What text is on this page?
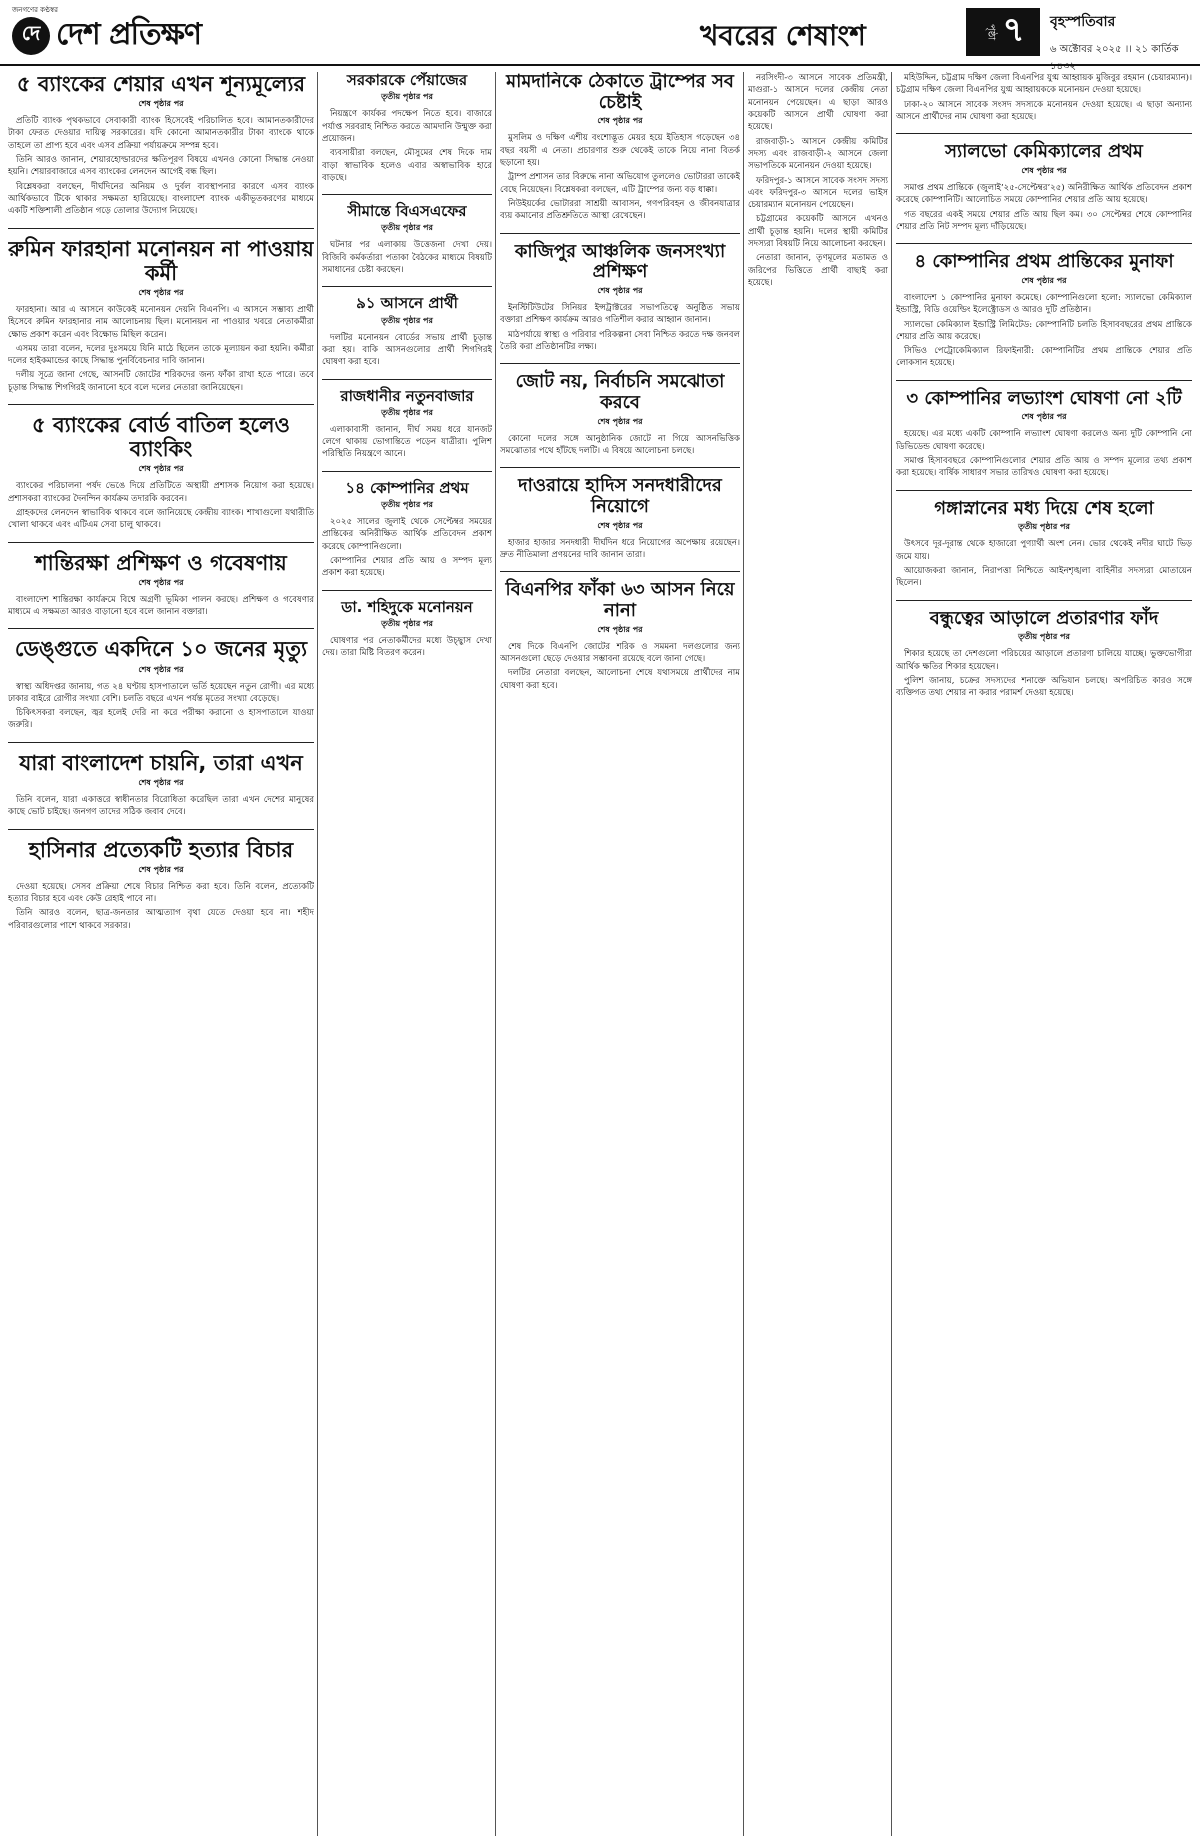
জনগণের কণ্ঠস্বর
দে দেশ প্রতিক্ষণ	খবরের শেষাংশ	পৃষ্ঠা ৭ বৃহস্পতিবার
৬ অক্টোবর ২০২৫ ।। ২১ কার্তিক ১৪৩২
৫ ব্যাংকের শেয়ার এখন শূন্যমূল্যের
শেষ পৃষ্ঠার পর

প্রতিটি ব্যাংক পৃথকভাবে সেবাকারী ব্যাংক হিসেবেই পরিচালিত হবে। আমানতকারীদের টাকা ফেরত দেওয়ার দায়িত্ব সরকারের। যদি কোনো আমানতকারীর টাকা ব্যাংকে থাকে তাহলে তা প্রাপ্য হবে এবং এসব প্রক্রিয়া পর্যায়ক্রমে সম্পন্ন হবে।

তিনি আরও জানান, শেয়ারহোল্ডারদের ক্ষতিপূরণ বিষয়ে এখনও কোনো সিদ্ধান্ত নেওয়া হয়নি। শেয়ারবাজারে এসব ব্যাংকের লেনদেন আগেই বন্ধ ছিল।

বিশ্লেষকরা বলছেন, দীর্ঘদিনের অনিয়ম ও দুর্বল ব্যবস্থাপনার কারণে এসব ব্যাংক আর্থিকভাবে টিকে থাকার সক্ষমতা হারিয়েছে। বাংলাদেশ ব্যাংক একীভূতকরণের মাধ্যমে একটি শক্তিশালী প্রতিষ্ঠান গড়ে তোলার উদ্যোগ নিয়েছে।

রুমিন ফারহানা মনোনয়ন না পাওয়ায় কর্মী
শেষ পৃষ্ঠার পর

ফারহানা। আর এ আসনে কাউকেই মনোনয়ন দেয়নি বিএনপি। এ আসনে সম্ভাব্য প্রার্থী হিসেবে রুমিন ফারহানার নাম আলোচনায় ছিল। মনোনয়ন না পাওয়ার খবরে নেতাকর্মীরা ক্ষোভ প্রকাশ করেন এবং বিক্ষোভ মিছিল করেন।

এসময় তারা বলেন, দলের দুঃসময়ে যিনি মাঠে ছিলেন তাকে মূল্যায়ন করা হয়নি। কর্মীরা দলের হাইকমান্ডের কাছে সিদ্ধান্ত পুনর্বিবেচনার দাবি জানান।

দলীয় সূত্রে জানা গেছে, আসনটি জোটের শরিকদের জন্য ফাঁকা রাখা হতে পারে। তবে চূড়ান্ত সিদ্ধান্ত শিগগিরই জানানো হবে বলে দলের নেতারা জানিয়েছেন।

৫ ব্যাংকের বোর্ড বাতিল হলেও ব্যাংকিং
শেষ পৃষ্ঠার পর

ব্যাংকের পরিচালনা পর্ষদ ভেঙে দিয়ে প্রতিটিতে অস্থায়ী প্রশাসক নিয়োগ করা হয়েছে। প্রশাসকরা ব্যাংকের দৈনন্দিন কার্যক্রম তদারকি করবেন।

গ্রাহকদের লেনদেন স্বাভাবিক থাকবে বলে জানিয়েছে কেন্দ্রীয় ব্যাংক। শাখাগুলো যথারীতি খোলা থাকবে এবং এটিএম সেবা চালু থাকবে।

শান্তিরক্ষা প্রশিক্ষণ ও গবেষণায়
শেষ পৃষ্ঠার পর

বাংলাদেশ শান্তিরক্ষা কার্যক্রমে বিশ্বে অগ্রণী ভূমিকা পালন করছে। প্রশিক্ষণ ও গবেষণার মাধ্যমে এ সক্ষমতা আরও বাড়ানো হবে বলে জানান বক্তারা।

ডেঙ্গুতে একদিনে ১০ জনের মৃত্যু
শেষ পৃষ্ঠার পর

স্বাস্থ্য অধিদপ্তর জানায়, গত ২৪ ঘণ্টায় হাসপাতালে ভর্তি হয়েছেন নতুন রোগী। এর মধ্যে ঢাকার বাইরে রোগীর সংখ্যা বেশি। চলতি বছরে এখন পর্যন্ত মৃতের সংখ্যা বেড়েছে।

চিকিৎসকরা বলছেন, জ্বর হলেই দেরি না করে পরীক্ষা করানো ও হাসপাতালে যাওয়া জরুরি।

যারা বাংলাদেশ চায়নি, তারা এখন
শেষ পৃষ্ঠার পর

তিনি বলেন, যারা একাত্তরে স্বাধীনতার বিরোধিতা করেছিল তারা এখন দেশের মানুষের কাছে ভোট চাইছে। জনগণ তাদের সঠিক জবাব দেবে।

হাসিনার প্রত্যেকটি হত্যার বিচার
শেষ পৃষ্ঠার পর

দেওয়া হয়েছে। সেসব প্রক্রিয়া শেষে বিচার নিশ্চিত করা হবে। তিনি বলেন, প্রত্যেকটি হত্যার বিচার হবে এবং কেউ রেহাই পাবে না।

তিনি আরও বলেন, ছাত্র-জনতার আত্মত্যাগ বৃথা যেতে দেওয়া হবে না। শহীদ পরিবারগুলোর পাশে থাকবে সরকার।

সরকারকে পেঁয়াজের
তৃতীয় পৃষ্ঠার পর

নিয়ন্ত্রণে কার্যকর পদক্ষেপ নিতে হবে। বাজারে পর্যাপ্ত সরবরাহ নিশ্চিত করতে আমদানি উন্মুক্ত করা প্রয়োজন।

ব্যবসায়ীরা বলছেন, মৌসুমের শেষ দিকে দাম বাড়া স্বাভাবিক হলেও এবার অস্বাভাবিক হারে বাড়ছে।

সীমান্তে বিএসএফের
তৃতীয় পৃষ্ঠার পর

ঘটনার পর এলাকায় উত্তেজনা দেখা দেয়। বিজিবি কর্মকর্তারা পতাকা বৈঠকের মাধ্যমে বিষয়টি সমাধানের চেষ্টা করছেন।

৯১ আসনে প্রার্থী
তৃতীয় পৃষ্ঠার পর

দলটির মনোনয়ন বোর্ডের সভায় প্রার্থী চূড়ান্ত করা হয়। বাকি আসনগুলোর প্রার্থী শিগগিরই ঘোষণা করা হবে।

রাজধানীর নতুনবাজার
তৃতীয় পৃষ্ঠার পর

এলাকাবাসী জানান, দীর্ঘ সময় ধরে যানজট লেগে থাকায় ভোগান্তিতে পড়েন যাত্রীরা। পুলিশ পরিস্থিতি নিয়ন্ত্রণে আনে।

১৪ কোম্পানির প্রথম
তৃতীয় পৃষ্ঠার পর

২০২৫ সালের জুলাই থেকে সেপ্টেম্বর সময়ের প্রান্তিকের অনিরীক্ষিত আর্থিক প্রতিবেদন প্রকাশ করেছে কোম্পানিগুলো।

কোম্পানির শেয়ার প্রতি আয় ও সম্পদ মূল্য প্রকাশ করা হয়েছে।

ডা. শহিদুকে মনোনয়ন
তৃতীয় পৃষ্ঠার পর

ঘোষণার পর নেতাকর্মীদের মধ্যে উচ্ছ্বাস দেখা দেয়। তারা মিষ্টি বিতরণ করেন।

মামদানিকে ঠেকাতে ট্রাম্পের সব চেষ্টাই
শেষ পৃষ্ঠার পর

মুসলিম ও দক্ষিণ এশীয় বংশোদ্ভূত মেয়র হয়ে ইতিহাস গড়েছেন ৩৪ বছর বয়সী এ নেতা। প্রচারণার শুরু থেকেই তাকে নিয়ে নানা বিতর্ক ছড়ানো হয়।

ট্রাম্প প্রশাসন তার বিরুদ্ধে নানা অভিযোগ তুললেও ভোটাররা তাকেই বেছে নিয়েছেন। বিশ্লেষকরা বলছেন, এটি ট্রাম্পের জন্য বড় ধাক্কা।

নিউইয়র্কের ভোটাররা সাশ্রয়ী আবাসন, গণপরিবহন ও জীবনযাত্রার ব্যয় কমানোর প্রতিশ্রুতিতে আস্থা রেখেছেন।

কাজিপুর আঞ্চলিক জনসংখ্যা প্রশিক্ষণ
শেষ পৃষ্ঠার পর

ইনস্টিটিউটের সিনিয়র ইন্সট্রাক্টরের সভাপতিত্বে অনুষ্ঠিত সভায় বক্তারা প্রশিক্ষণ কার্যক্রম আরও গতিশীল করার আহ্বান জানান।

মাঠপর্যায়ে স্বাস্থ্য ও পরিবার পরিকল্পনা সেবা নিশ্চিত করতে দক্ষ জনবল তৈরি করা প্রতিষ্ঠানটির লক্ষ্য।

জোট নয়, নির্বাচনি সমঝোতা করবে
শেষ পৃষ্ঠার পর

কোনো দলের সঙ্গে আনুষ্ঠানিক জোটে না গিয়ে আসনভিত্তিক সমঝোতার পথে হাঁটছে দলটি। এ বিষয়ে আলোচনা চলছে।

দাওরায়ে হাদিস সনদধারীদের নিয়োগে
শেষ পৃষ্ঠার পর

হাজার হাজার সনদধারী দীর্ঘদিন ধরে নিয়োগের অপেক্ষায় রয়েছেন। দ্রুত নীতিমালা প্রণয়নের দাবি জানান তারা।

বিএনপির ফাঁকা ৬৩ আসন নিয়ে নানা
শেষ পৃষ্ঠার পর

শেষ দিকে বিএনপি জোটের শরিক ও সমমনা দলগুলোর জন্য আসনগুলো ছেড়ে দেওয়ার সম্ভাবনা রয়েছে বলে জানা গেছে।

দলটির নেতারা বলছেন, আলোচনা শেষে যথাসময়ে প্রার্থীদের নাম ঘোষণা করা হবে।

নরসিংদী-৩ আসনে সাবেক প্রতিমন্ত্রী, মাগুরা-১ আসনে দলের কেন্দ্রীয় নেতা মনোনয়ন পেয়েছেন। এ ছাড়া আরও কয়েকটি আসনে প্রার্থী ঘোষণা করা হয়েছে।

রাজবাড়ী-১ আসনে কেন্দ্রীয় কমিটির সদস্য এবং রাজবাড়ী-২ আসনে জেলা সভাপতিকে মনোনয়ন দেওয়া হয়েছে।

ফরিদপুর-১ আসনে সাবেক সংসদ সদস্য এবং ফরিদপুর-৩ আসনে দলের ভাইস চেয়ারম্যান মনোনয়ন পেয়েছেন।

চট্টগ্রামের কয়েকটি আসনে এখনও প্রার্থী চূড়ান্ত হয়নি। দলের স্থায়ী কমিটির সদস্যরা বিষয়টি নিয়ে আলোচনা করছেন।

নেতারা জানান, তৃণমূলের মতামত ও জরিপের ভিত্তিতে প্রার্থী বাছাই করা হয়েছে।

মহিউদ্দিন, চট্টগ্রাম দক্ষিণ জেলা বিএনপির যুগ্ম আহ্বায়ক মুজিবুর রহমান (চেয়ারম্যান)। চট্টগ্রাম দক্ষিণ জেলা বিএনপির যুগ্ম আহ্বায়ককে মনোনয়ন দেওয়া হয়েছে।

ঢাকা-২০ আসনে সাবেক সংসদ সদস্যকে মনোনয়ন দেওয়া হয়েছে। এ ছাড়া অন্যান্য আসনে প্রার্থীদের নাম ঘোষণা করা হয়েছে।

স্যালভো কেমিক্যালের প্রথম
শেষ পৃষ্ঠার পর

সমাপ্ত প্রথম প্রান্তিকে (জুলাই’২৫-সেপ্টেম্বর’২৫) অনিরীক্ষিত আর্থিক প্রতিবেদন প্রকাশ করেছে কোম্পানিটি। আলোচিত সময়ে কোম্পানির শেয়ার প্রতি আয় হয়েছে।

গত বছরের একই সময়ে শেয়ার প্রতি আয় ছিল কম। ৩০ সেপ্টেম্বর শেষে কোম্পানির শেয়ার প্রতি নিট সম্পদ মূল্য দাঁড়িয়েছে।

৪ কোম্পানির প্রথম প্রান্তিকের মুনাফা
শেষ পৃষ্ঠার পর

বাংলাদেশ ১ কোম্পানির মুনাফা কমেছে। কোম্পানিগুলো হলো: স্যালভো কেমিক্যাল ইন্ডাস্ট্রি, বিডি ওয়েল্ডিং ইলেক্ট্রোডস ও আরও দুটি প্রতিষ্ঠান।

স্যালভো কেমিক্যাল ইন্ডাস্ট্রি লিমিটেড: কোম্পানিটি চলতি হিসাববছরের প্রথম প্রান্তিকে শেয়ার প্রতি আয় করেছে।

সিভিও পেট্রোকেমিক্যাল রিফাইনারী: কোম্পানিটির প্রথম প্রান্তিকে শেয়ার প্রতি লোকসান হয়েছে।

৩ কোম্পানির লভ্যাংশ ঘোষণা নো ২টি
শেষ পৃষ্ঠার পর

হয়েছে। এর মধ্যে একটি কোম্পানি লভ্যাংশ ঘোষণা করলেও অন্য দুটি কোম্পানি নো ডিভিডেন্ড ঘোষণা করেছে।

সমাপ্ত হিসাববছরে কোম্পানিগুলোর শেয়ার প্রতি আয় ও সম্পদ মূল্যের তথ্য প্রকাশ করা হয়েছে। বার্ষিক সাধারণ সভার তারিখও ঘোষণা করা হয়েছে।

গঙ্গাস্নানের মধ্য দিয়ে শেষ হলো
তৃতীয় পৃষ্ঠার পর

উৎসবে দূর-দূরান্ত থেকে হাজারো পুণ্যার্থী অংশ নেন। ভোর থেকেই নদীর ঘাটে ভিড় জমে যায়।

আয়োজকরা জানান, নিরাপত্তা নিশ্চিতে আইনশৃঙ্খলা বাহিনীর সদস্যরা মোতায়েন ছিলেন।

বন্ধুত্বের আড়ালে প্রতারণার ফাঁদ
তৃতীয় পৃষ্ঠার পর

শিকার হয়েছে তা দেশগুলো পরিচয়ের আড়ালে প্রতারণা চালিয়ে যাচ্ছে। ভুক্তভোগীরা আর্থিক ক্ষতির শিকার হয়েছেন।

পুলিশ জানায়, চক্রের সদস্যদের শনাক্তে অভিযান চলছে। অপরিচিত কারও সঙ্গে ব্যক্তিগত তথ্য শেয়ার না করার পরামর্শ দেওয়া হয়েছে।
